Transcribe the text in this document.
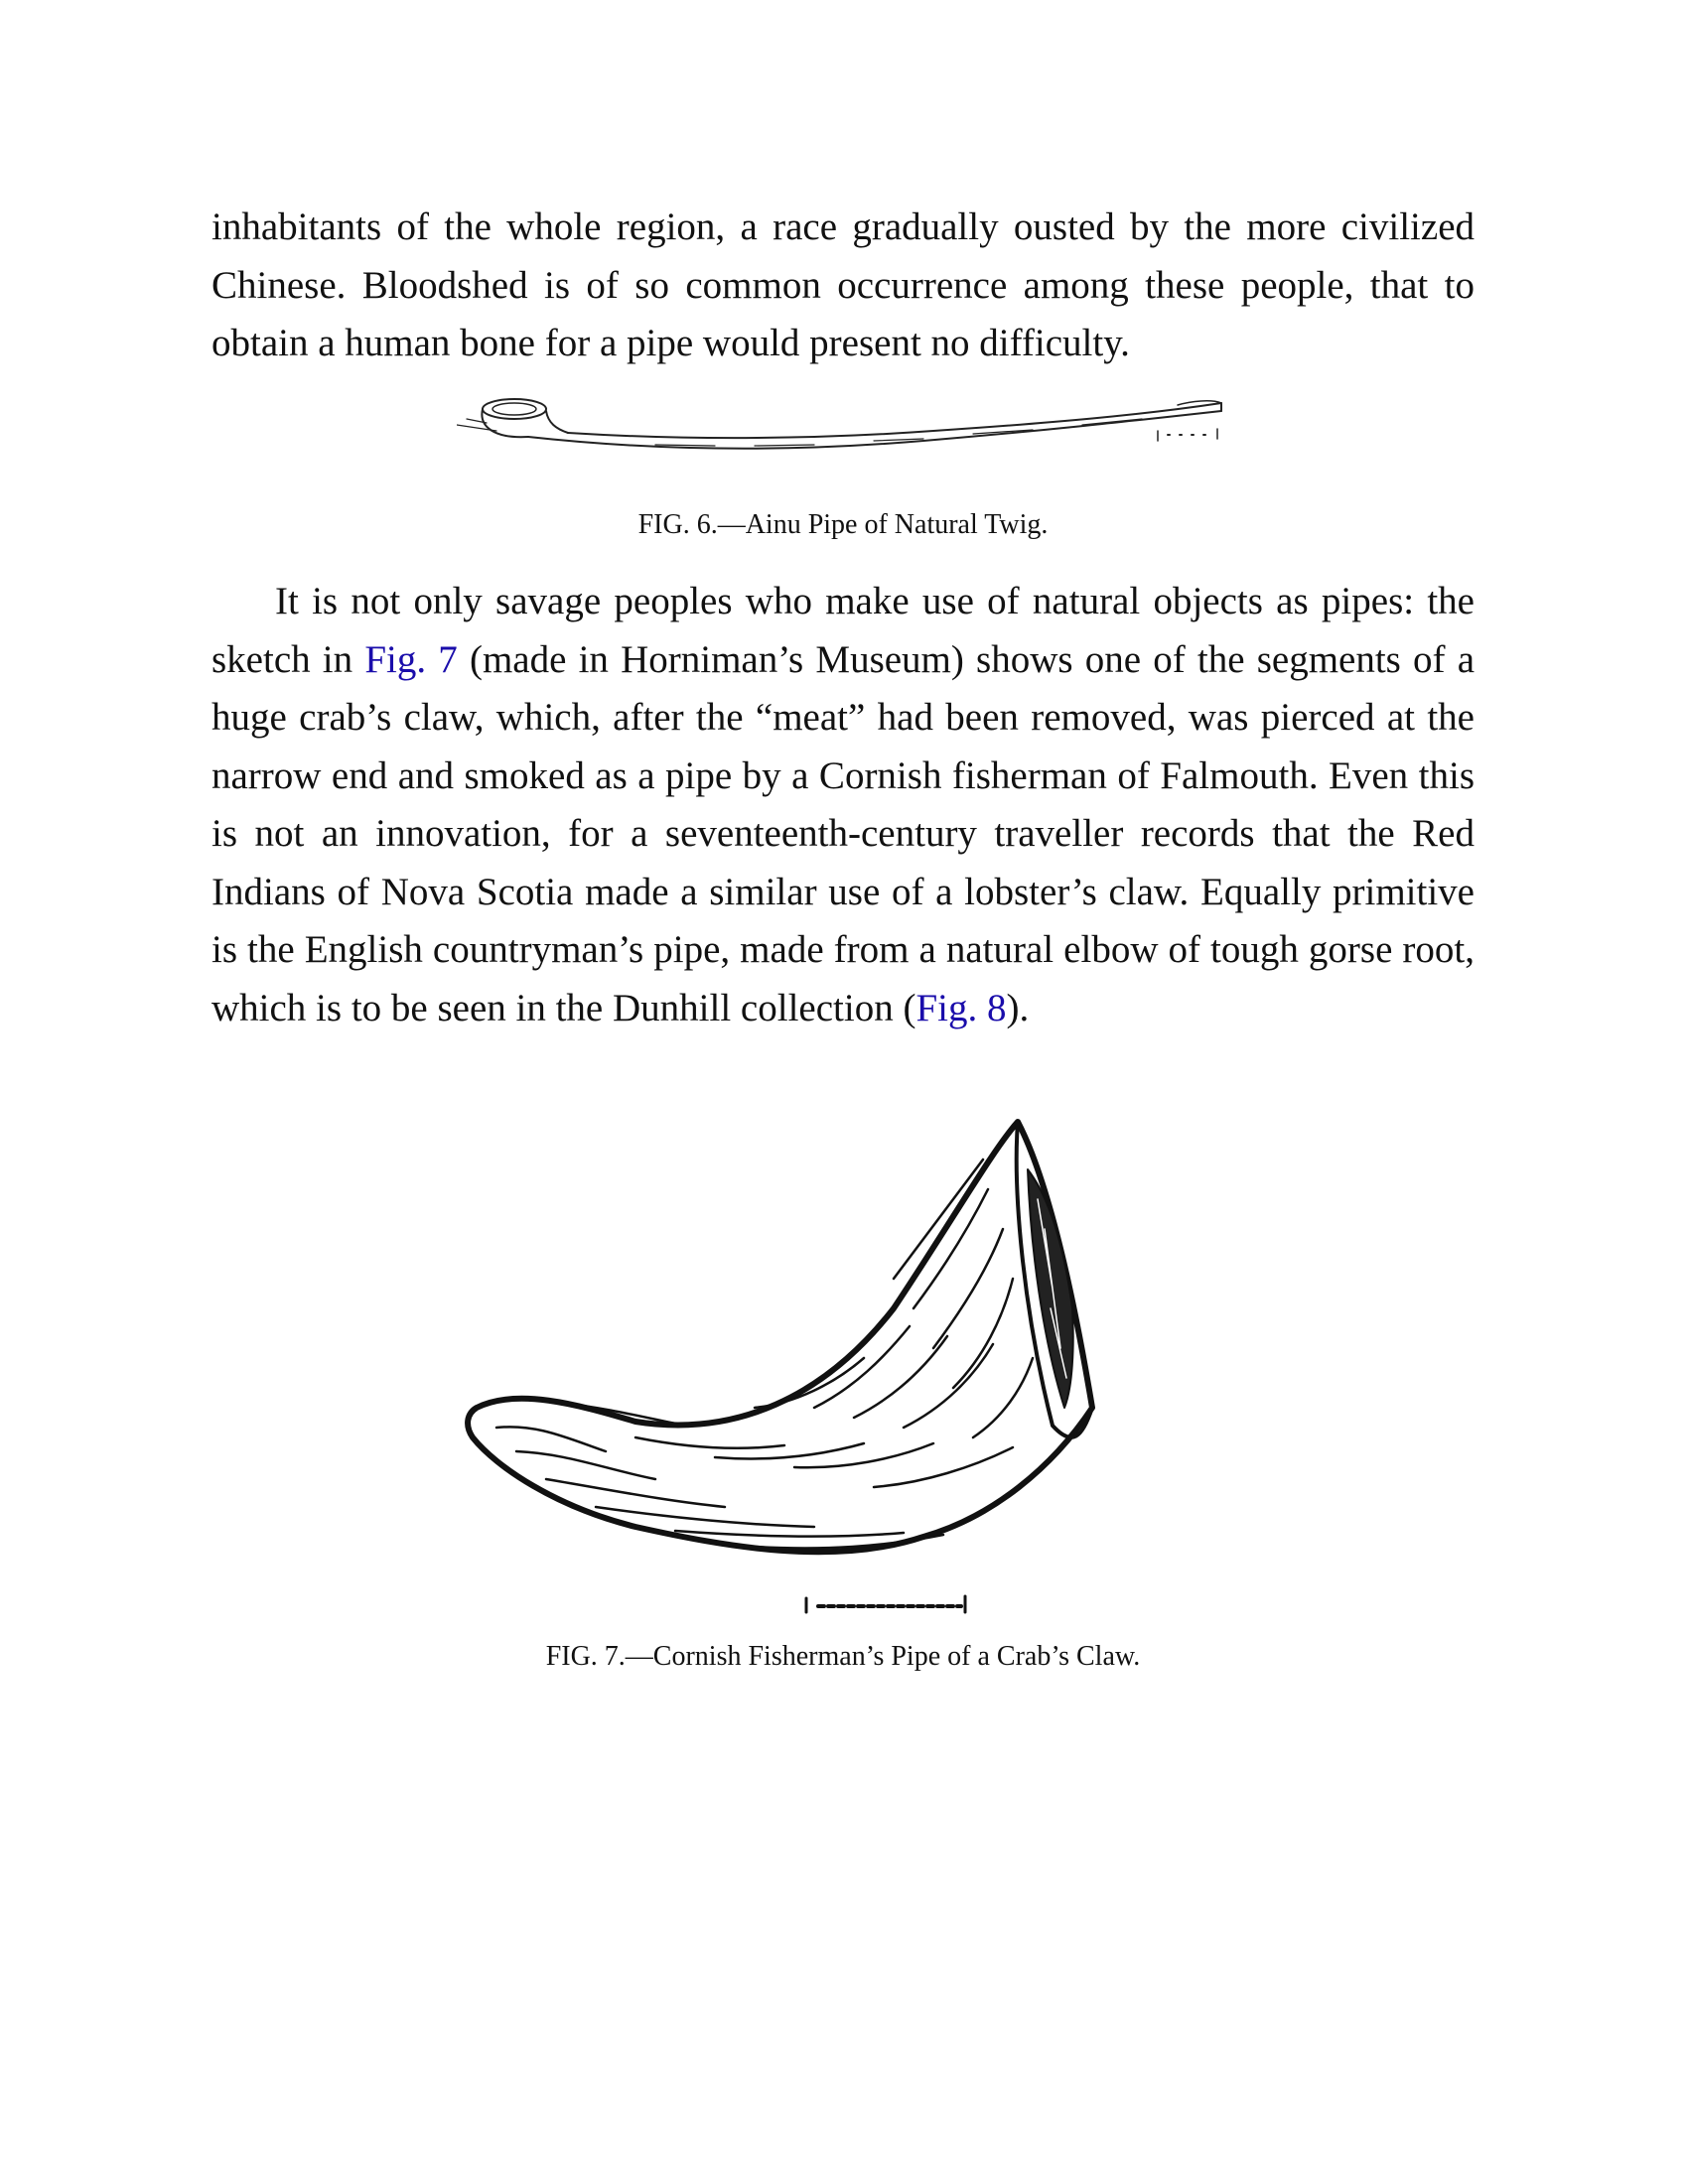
inhabitants of the whole region, a race gradually ousted by the more civilized Chinese. Bloodshed is of so common occurrence among these people, that to obtain a human bone for a pipe would present no difficulty.

FIG. 6.—Ainu Pipe of Natural Twig.

It is not only savage peoples who make use of natural objects as pipes: the sketch in Fig. 7 (made in Horniman’s Museum) shows one of the segments of a huge crab’s claw, which, after the “meat” had been removed, was pierced at the narrow end and smoked as a pipe by a Cornish fisherman of Falmouth. Even this is not an innovation, for a seventeenth-century traveller records that the Red Indians of Nova Scotia made a similar use of a lobster’s claw. Equally primitive is the English countryman’s pipe, made from a natural elbow of tough gorse root, which is to be seen in the Dunhill collection (Fig. 8).

FIG. 7.—Cornish Fisherman’s Pipe of a Crab’s Claw.
